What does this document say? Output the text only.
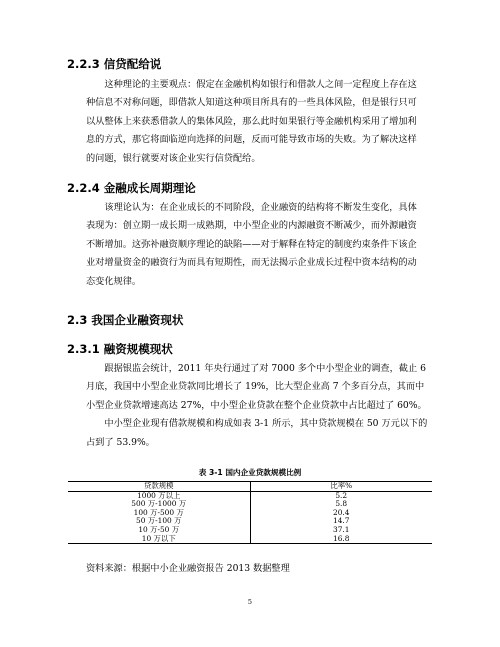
2.2.3 信贷配给说

这种理论的主要观点：假定在金融机构如银行和借款人之间一定程度上存在这
种信息不对称问题，即借款人知道这种项目所具有的一些具体风险，但是银行只可
以从整体上来获悉借款人的集体风险，那么此时如果银行等金融机构采用了增加利
息的方式，那它将面临逆向选择的问题，反而可能导致市场的失败。为了解决这样
的问题，银行就要对该企业实行信贷配给。

2.2.4 金融成长周期理论

该理论认为：在企业成长的不同阶段，企业融资的结构将不断发生变化，具体
表现为：创立期一成长期一成熟期，中小型企业的内源融资不断减少，而外源融资
不断增加。这弥补融资顺序理论的缺陷——对于解释在特定的制度约束条件下该企
业对增量资金的融资行为而具有短期性，而无法揭示企业成长过程中资本结构的动
态变化规律。

2.3 我国企业融资现状
2.3.1 融资规模现状

跟据银监会统计，2011 年央行通过了对 7000 多个中小型企业的调查，截止 6
月底，我国中小型企业贷款同比增长了 19%，比大型企业高 7 个多百分点，其而中
小型企业贷款增速高达 27%，中小型企业贷款在整个企业贷款中占比超过了 60%。

中小型企业现有借款规模和构成如表 3-1 所示，其中贷款规模在 50 万元以下的
占到了 53.9%。

表 3-1 国内企业贷款规模比例
贷款规模	比率%
1000 万以上	5.2
500 万-1000 万	5.8
100 万-500 万	20.4
50 万-100 万	14.7
10 万-50 万	37.1
10 万以下	16.8
资料来源：根据中小企业融资报告 2013 数据整理
5
